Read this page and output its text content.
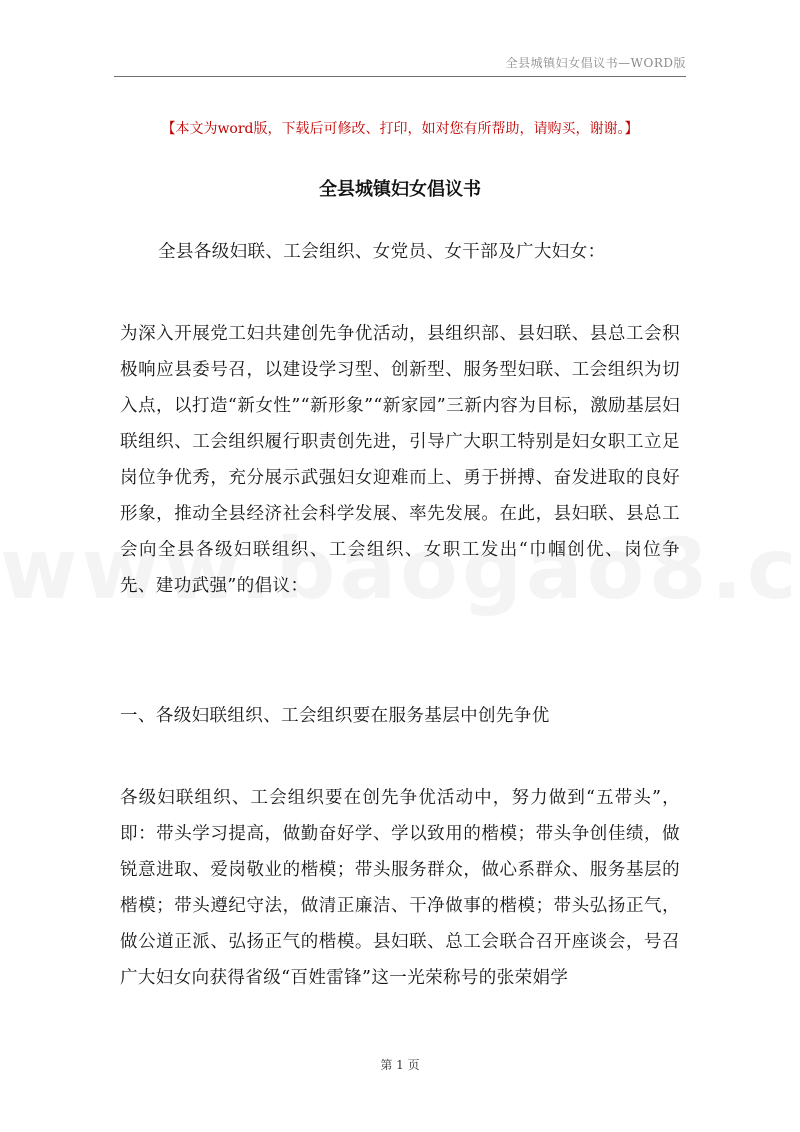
全县城镇妇女倡议书—WORD版
【本文为word版，下载后可修改、打印，如对您有所帮助，请购买，谢谢。】
全县城镇妇女倡议书
全县各级妇联、工会组织、女党员、女干部及广大妇女：
为深入开展党工妇共建创先争优活动，县组织部、县妇联、县总工会积极响应县委号召，以建设学习型、创新型、服务型妇联、工会组织为切入点，以打造“新女性”“新形象”“新家园”三新内容为目标，激励基层妇联组织、工会组织履行职责创先进，引导广大职工特别是妇女职工立足岗位争优秀，充分展示武强妇女迎难而上、勇于拼搏、奋发进取的良好形象，推动全县经济社会科学发展、率先发展。在此，县妇联、县总工会向全县各级妇联组织、工会组织、女职工发出“巾帼创优、岗位争先、建功武强”的倡议：
一、各级妇联组织、工会组织要在服务基层中创先争优
各级妇联组织、工会组织要在创先争优活动中，努力做到“五带头”，即：带头学习提高，做勤奋好学、学以致用的楷模；带头争创佳绩，做锐意进取、爱岗敬业的楷模；带头服务群众，做心系群众、服务基层的楷模；带头遵纪守法，做清正廉洁、干净做事的楷模；带头弘扬正气，做公道正派、弘扬正气的楷模。县妇联、总工会联合召开座谈会，号召广大妇女向获得省级“百姓雷锋”这一光荣称号的张荣娟学
第 1 页
